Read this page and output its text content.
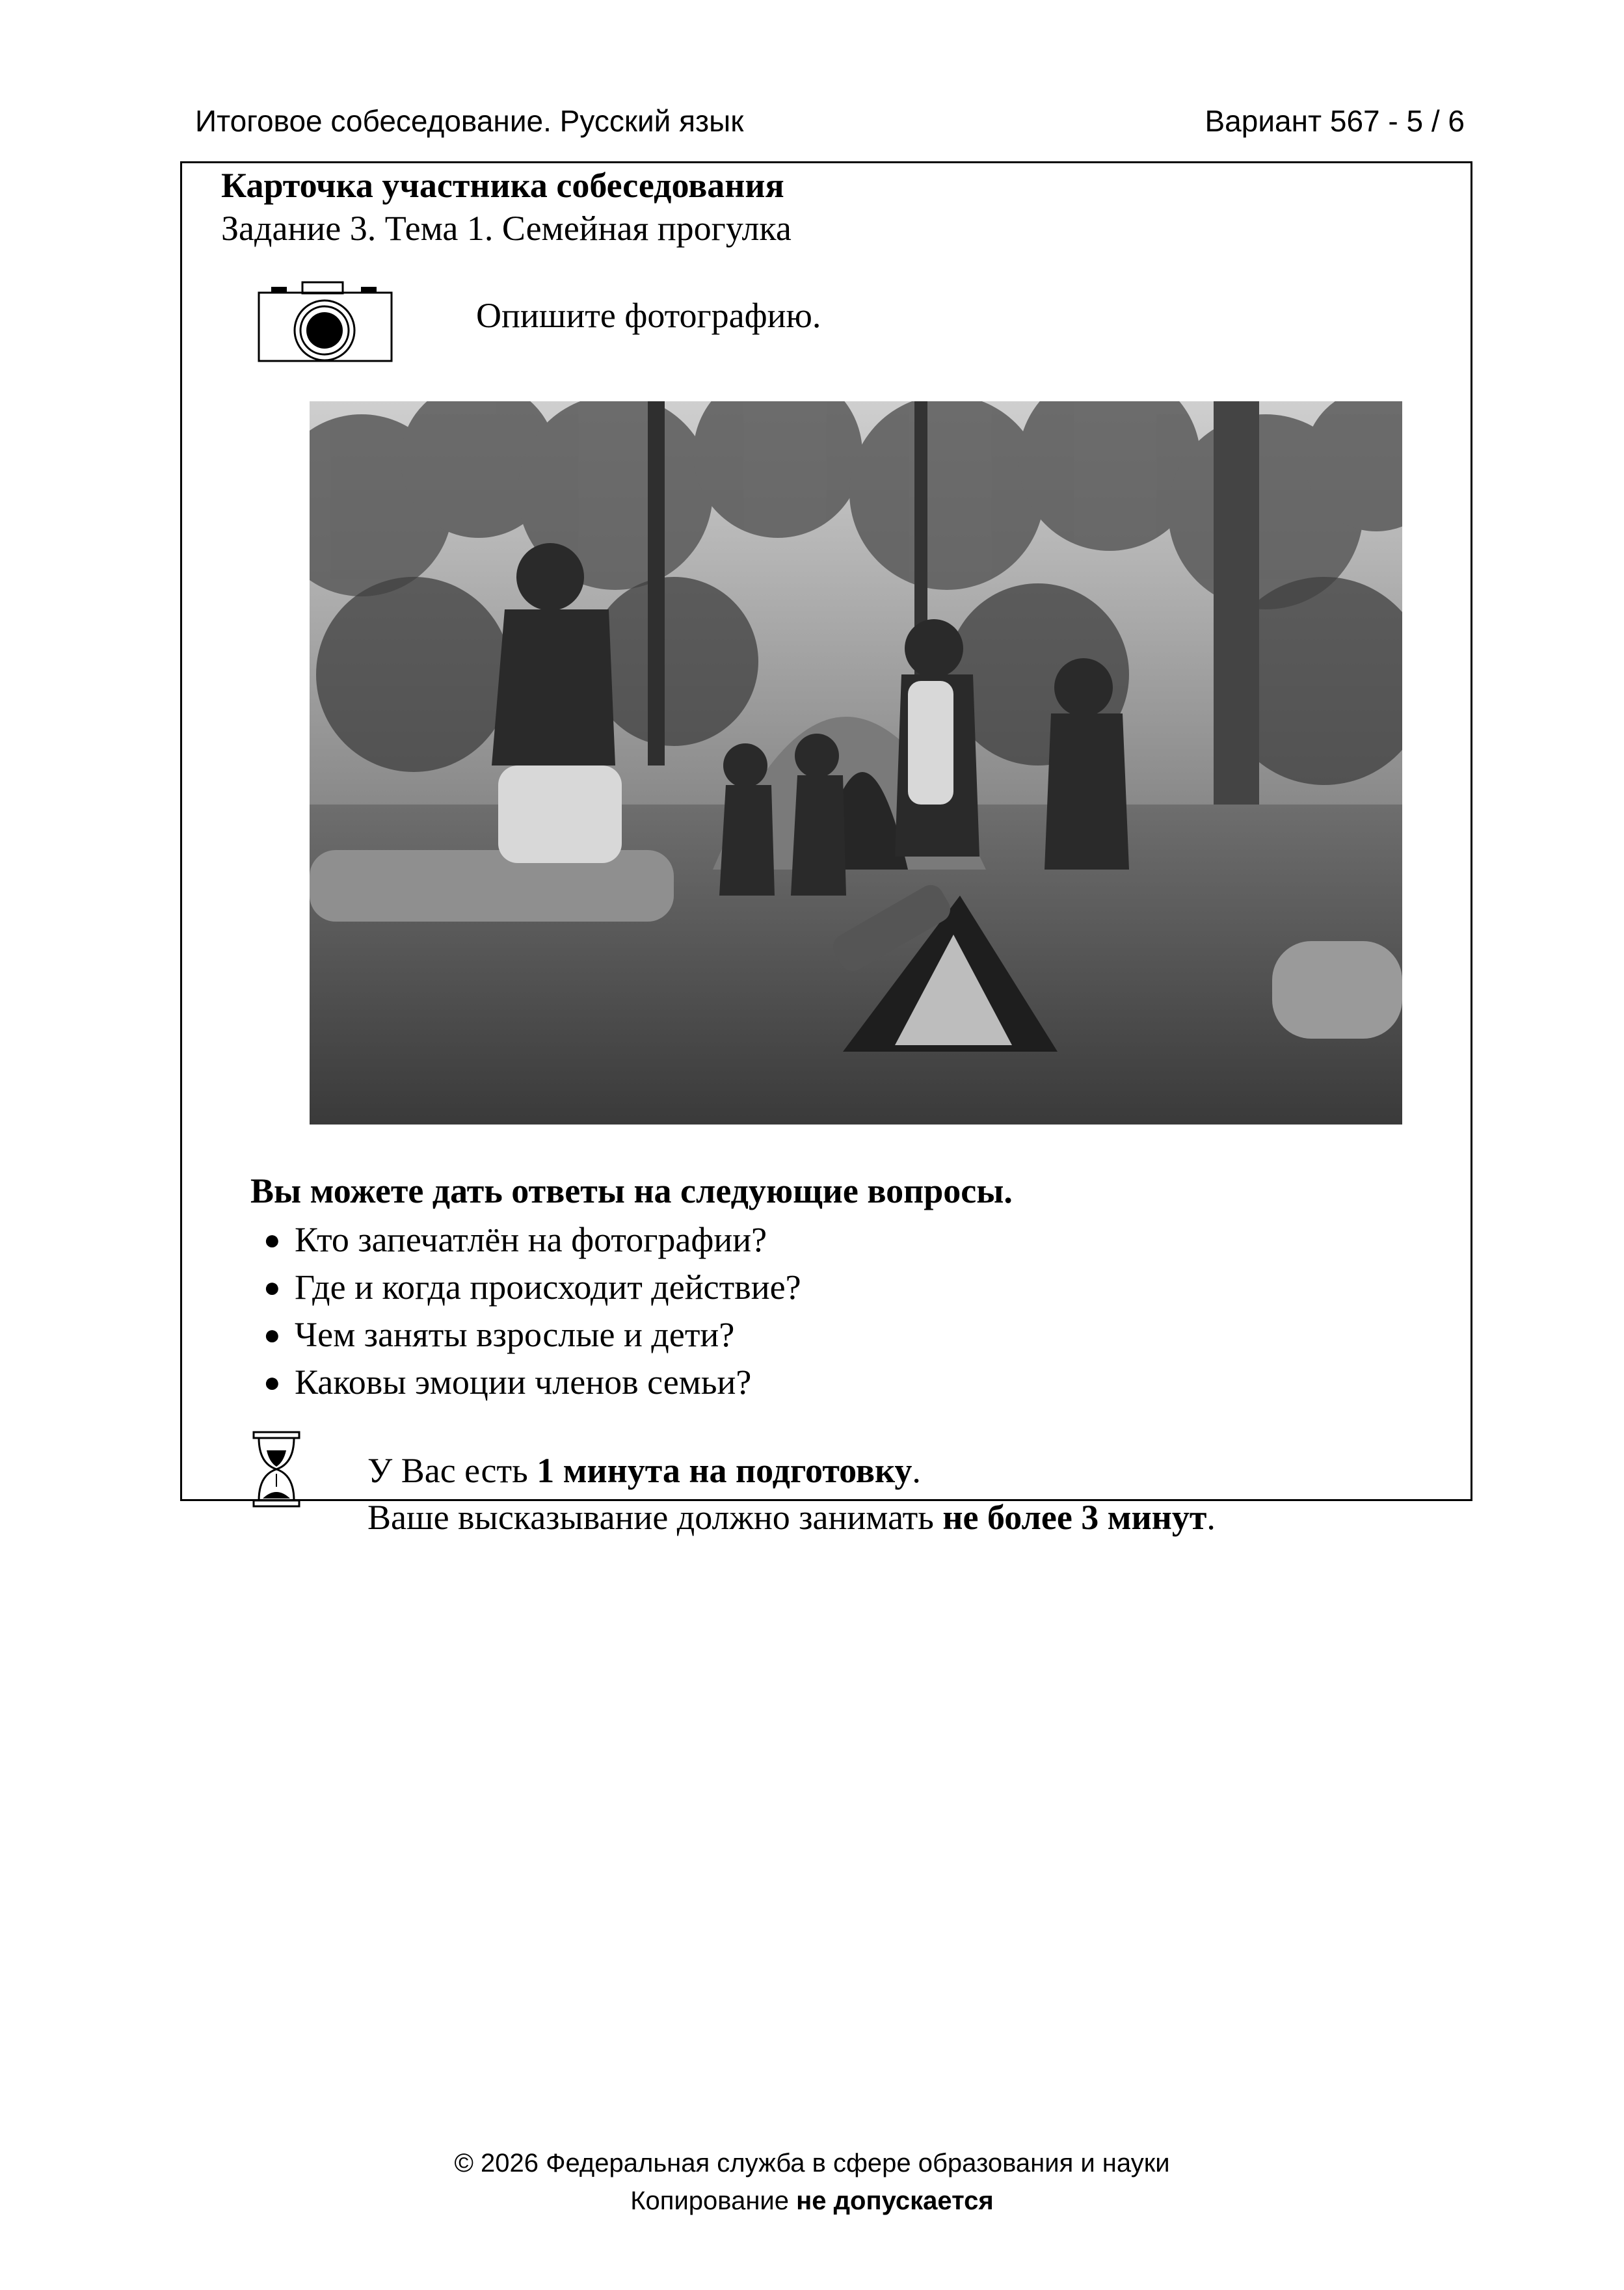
Итоговое собеседование. Русский язык	Вариант 567 - 5 / 6
Карточка участника собеседования
Задание 3. Тема 1. Семейная прогулка
Опишите фотографию.
Вы можете дать ответы на следующие вопросы.
● Кто запечатлён на фотографии?
● Где и когда происходит действие?
● Чем заняты взрослые и дети?
● Каковы эмоции членов семьи?
У Вас есть 1 минута на подготовку.
Ваше высказывание должно занимать не более 3 минут.
© 2026 Федеральная служба в сфере образования и науки
Копирование не допускается
